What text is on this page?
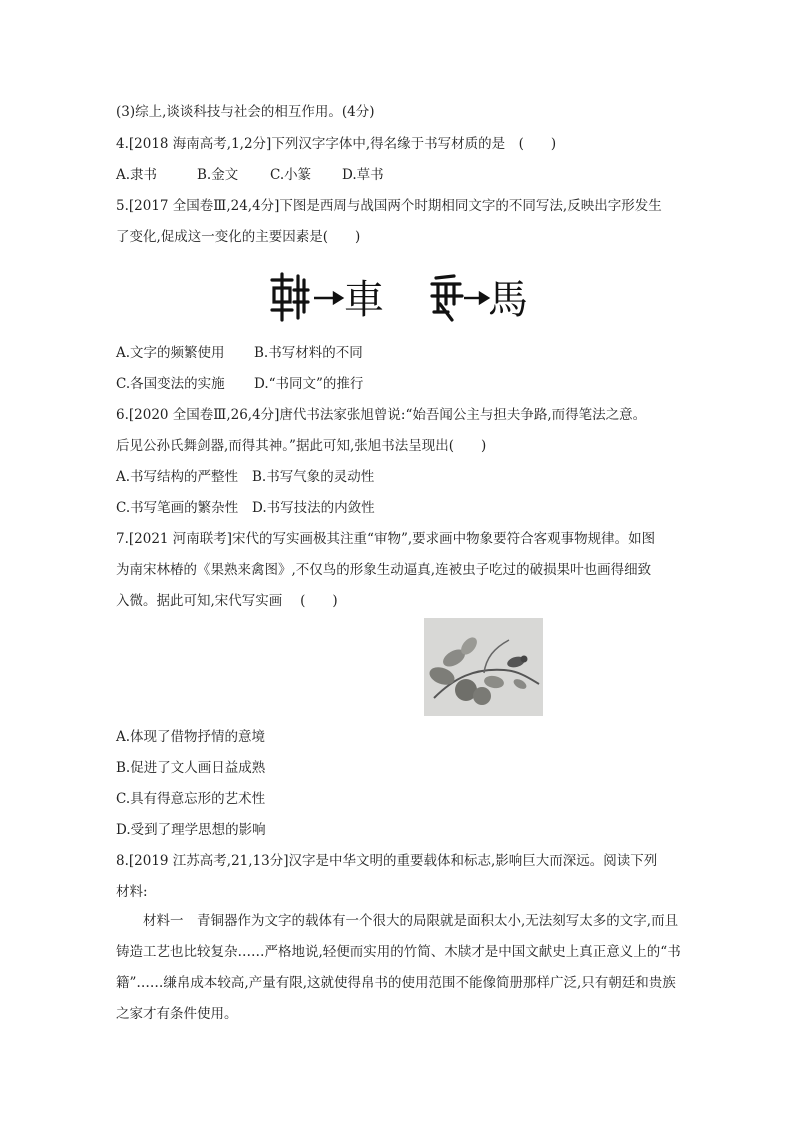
(3)综上,谈谈科技与社会的相互作用。(4分)
4.[2018 海南高考,1,2分]下列汉字字体中,得名缘于书写材质的是　(　　)
A.隶书	B.金文 C.小篆 D.草书
5.[2017 全国卷Ⅲ,24,4分]下图是西周与战国两个时期相同文字的不同写法,反映出字形发生
了变化,促成这一变化的主要因素是(　　)
車	馬
A.文字的频繁使用 B.书写材料的不同
C.各国变法的实施 D.“书同文”的推行
6.[2020 全国卷Ⅲ,26,4分]唐代书法家张旭曾说:“始吾闻公主与担夫争路,而得笔法之意。
后见公孙氏舞剑器,而得其神。”据此可知,张旭书法呈现出(　　)
A.书写结构的严整性 B.书写气象的灵动性
C.书写笔画的繁杂性 D.书写技法的内敛性
7.[2021 河南联考]宋代的写实画极其注重“审物”,要求画中物象要符合客观事物规律。如图
为南宋林椿的《果熟来禽图》,不仅鸟的形象生动逼真,连被虫子吃过的破损果叶也画得细致
入微。据此可知,宋代写实画　 (　　)
A.体现了借物抒情的意境
B.促进了文人画日益成熟
C.具有得意忘形的艺术性
D.受到了理学思想的影响
8.[2019 江苏高考,21,13分]汉字是中华文明的重要载体和标志,影响巨大而深远。阅读下列
材料:
　　材料一　青铜器作为文字的载体有一个很大的局限就是面积太小,无法刻写太多的文字,而且铸造工艺也比较复杂……严格地说,轻便而实用的竹简、木牍才是中国文献史上真正意义上的“书籍”……缣帛成本较高,产量有限,这就使得帛书的使用范围不能像简册那样广泛,只有朝廷和贵族之家才有条件使用。
